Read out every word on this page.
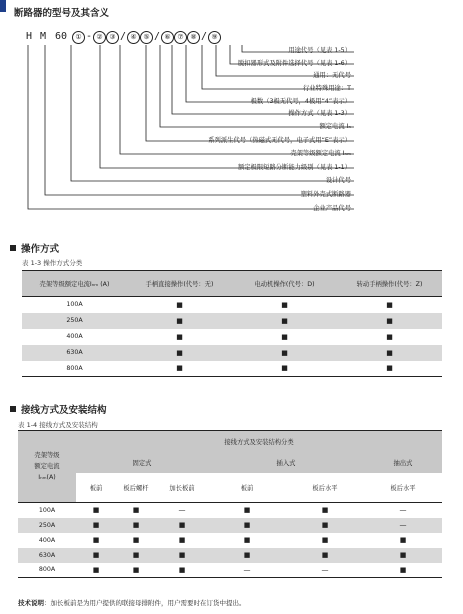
断路器的型号及其含义
H M 60 ① - ② ③ / ④ ⑤ / ⑥ ⑦ ⑧ / ⑨
用途代号（见表 1-5）
脱扣器形式及附件选择代号（见表 1-6）
通用：无代号
行业特殊用途：T
极数（3极无代号，4极用“4”表示）
操作方式（见表 1-3）
额定电流 Iₙ
系列派生代号（热磁式无代号，电子式用“E”表示）
壳架等级额定电流 Iₙₘ
额定极限短路分断能力级别（见表 1-1）
设计代号
塑料外壳式断路器
企业产品代号
操作方式
表 1-3 操作方式分类
壳架等级额定电流Iₙₘ (A)	手柄直接操作(代号：无)	电动机操作(代号：D)	转动手柄操作(代号：Z)
100A	■	■	■
250A	■	■	■
400A	■	■	■
630A	■	■	■
800A	■	■	■
接线方式及安装结构
表 1-4 接线方式及安装结构
壳架等级
额定电流
Iₙₘ(A)	接线方式及安装结构分类					
	固定式			插入式		抽出式
	板前	板后螺杆	加长板前	板前	板后水平	板后水平
100A	■	■	—	■	■	—
250A	■	■	■	■	■	—
400A	■	■	■	■	■	■
630A	■	■	■	■	■	■
800A	■	■	■	—	—	■
技术说明：加长板前是为用户提供的联接母排附件，用户需要时在订货中提出。
